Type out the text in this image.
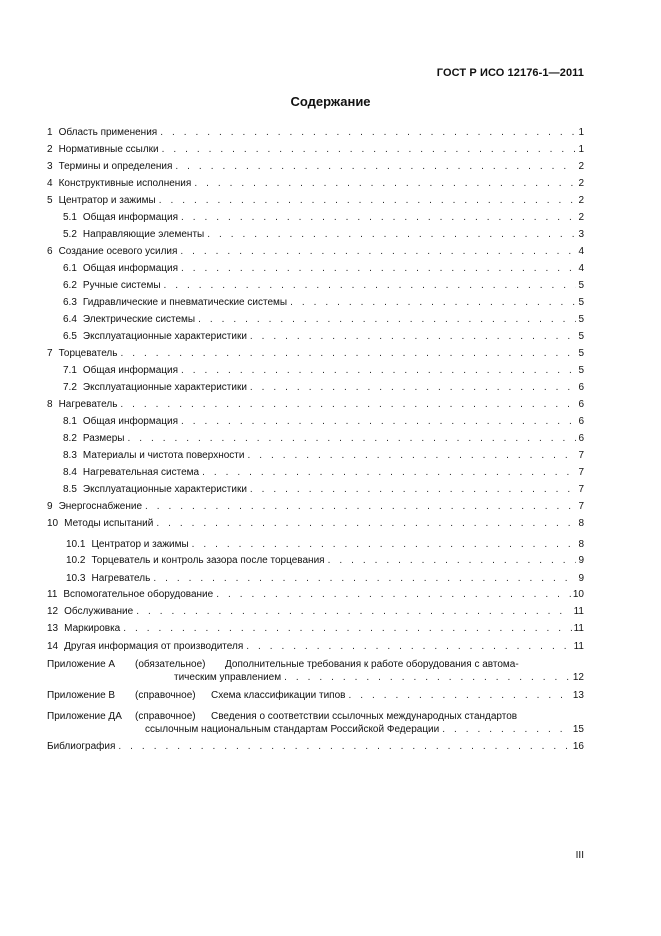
ГОСТ Р ИСО 12176-1—2011
Содержание
1 Область применения . . .	1
2 Нормативные ссылки . . .	1
3 Термины и определения . . .	2
4 Конструктивные исполнения . . .	2
5 Центратор и зажимы . . .	2
5.1 Общая информация . . .	2
5.2 Направляющие элементы . . .	3
6 Создание осевого усилия . . .	4
6.1 Общая информация . . .	4
6.2 Ручные системы . . .	5
6.3 Гидравлические и пневматические системы . . .	5
6.4 Электрические системы . . .	5
6.5 Эксплуатационные характеристики . . .	5
7 Торцеватель . . .	5
7.1 Общая информация . . .	5
7.2 Эксплуатационные характеристики . . .	6
8 Нагреватель . . .	6
8.1 Общая информация . . .	6
8.2 Размеры . . .	6
8.3 Материалы и чистота поверхности . . .	7
8.4 Нагревательная система . . .	7
8.5 Эксплуатационные характеристики . . .	7
9 Энергоснабжение . . .	7
10 Методы испытаний . . .	8
10.1 Центратор и зажимы . . .	8
10.2 Торцеватель и контроль зазора после торцевания . . .	9
10.3 Нагреватель . . .	9
11 Вспомогательное оборудование . . .	10
12 Обслуживание . . .	11
13 Маркировка . . .	11
14 Другая информация от производителя . . .	11
Приложение А (обязательное) Дополнительные требования к работе оборудования с автома-
тическим управлением . . .	12
Приложение В (справочное) Схема классификации типов . . .	13
Приложение ДА (справочное) Сведения о соответствии ссылочных международных стандартов
ссылочным национальным стандартам Российской Федерации . . .	15
Библиография . . .	16
III
